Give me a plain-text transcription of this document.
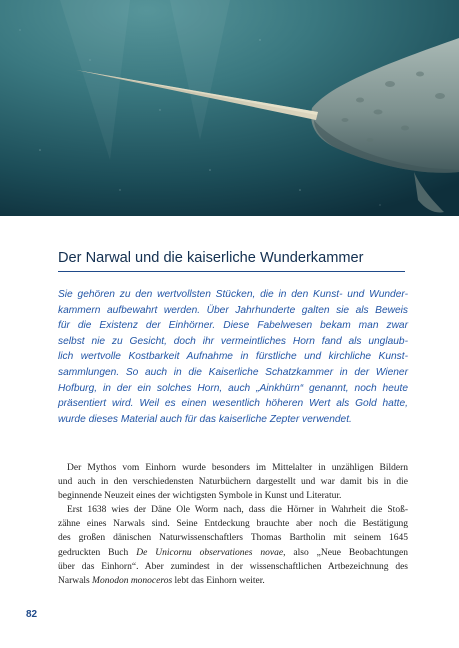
Der Narwal und die kaiserliche Wunderkammer
Sie gehören zu den wertvollsten Stücken, die in den Kunst- und Wunder-
kammern aufbewahrt werden. Über Jahrhunderte galten sie als Beweis
für die Existenz der Einhörner. Diese Fabelwesen bekam man zwar
selbst nie zu Gesicht, doch ihr vermeintliches Horn fand als unglaub-
lich wertvolle Kostbarkeit Aufnahme in fürstliche und kirchliche Kunst-
sammlungen. So auch in die Kaiserliche Schatzkammer in der Wiener
Hofburg, in der ein solches Horn, auch „Ainkhürn“ genannt, noch heute
präsentiert wird. Weil es einen wesentlich höheren Wert als Gold hatte,
wurde dieses Material auch für das kaiserliche Zepter verwendet.
Der Mythos vom Einhorn wurde besonders im Mittelalter in unzähligen Bildern
und auch in den verschiedensten Naturbüchern dargestellt und war damit bis in die
beginnende Neuzeit eines der wichtigsten Symbole in Kunst und Literatur.
Erst 1638 wies der Däne Ole Worm nach, dass die Hörner in Wahrheit die Stoß-
zähne eines Narwals sind. Seine Entdeckung brauchte aber noch die Bestätigung
des großen dänischen Naturwissenschaftlers Thomas Bartholin mit seinem 1645
gedruckten Buch De Unicornu observationes novae, also „Neue Beobachtungen
über das Einhorn“. Aber zumindest in der wissenschaftlichen Artbezeichnung des
Narwals Monodon monoceros lebt das Einhorn weiter.

82
